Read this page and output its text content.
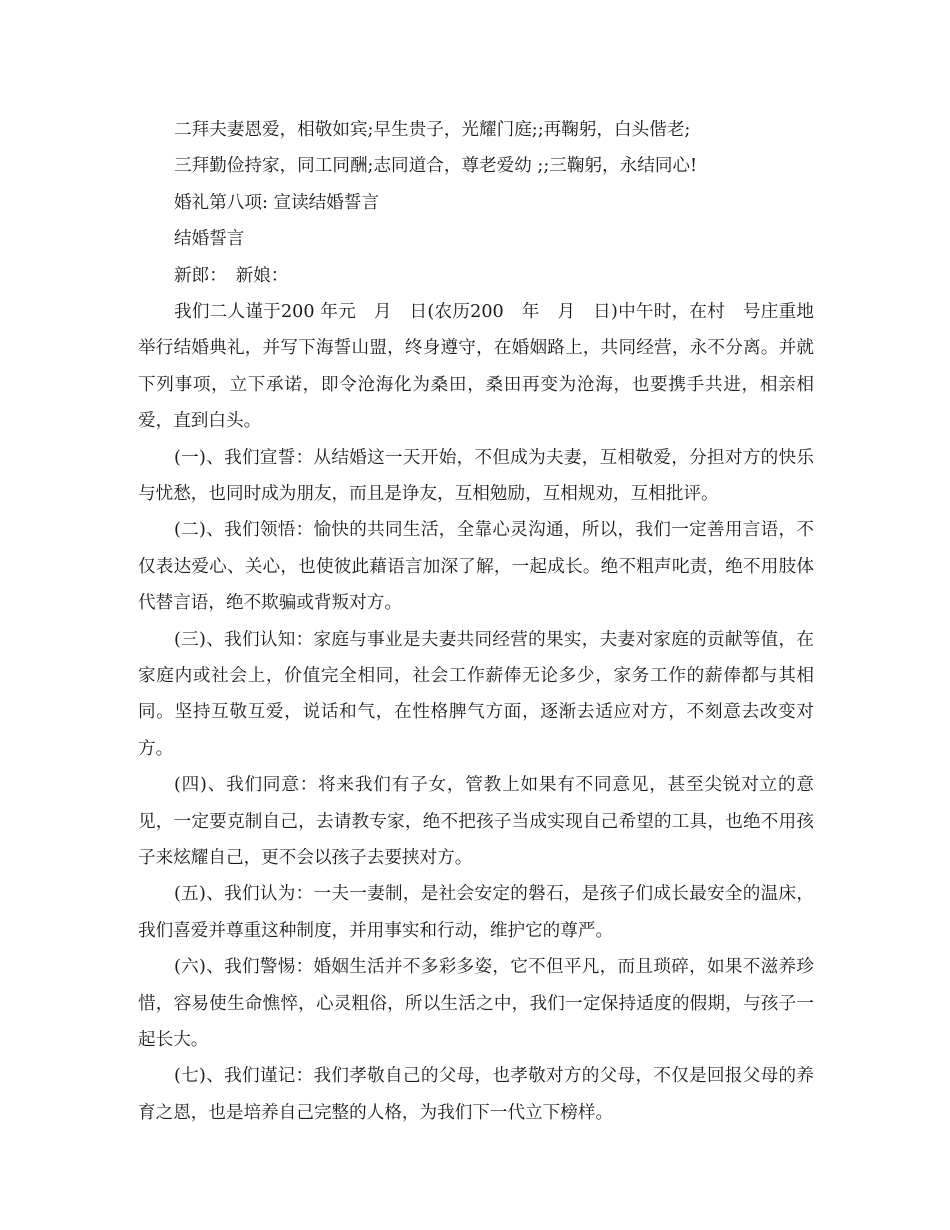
二拜夫妻恩爱，相敬如宾;早生贵子，光耀门庭;;再鞠躬，白头偕老;
三拜勤俭持家，同工同酬;志同道合，尊老爱幼 ;;三鞠躬，永结同心!
婚礼第八项: 宣读结婚誓言
结婚誓言
新郎：　新娘：

我们二人谨于200 年元　月　日(农历200　年　月　日)中午时，在村　号庄重地举行结婚典礼，并写下海誓山盟，终身遵守，在婚姻路上，共同经营，永不分离。并就下列事项，立下承诺，即令沧海化为桑田，桑田再变为沧海，也要携手共进，相亲相爱，直到白头。

(一)、我们宣誓：从结婚这一天开始，不但成为夫妻，互相敬爱，分担对方的快乐与忧愁，也同时成为朋友，而且是诤友，互相勉励，互相规劝，互相批评。

(二)、我们领悟：愉快的共同生活，全靠心灵沟通，所以，我们一定善用言语，不仅表达爱心、关心，也使彼此藉语言加深了解，一起成长。绝不粗声叱责，绝不用肢体代替言语，绝不欺骗或背叛对方。

(三)、我们认知：家庭与事业是夫妻共同经营的果实，夫妻对家庭的贡献等值，在家庭内或社会上，价值完全相同，社会工作薪俸无论多少，家务工作的薪俸都与其相同。坚持互敬互爱，说话和气，在性格脾气方面，逐渐去适应对方，不刻意去改变对方。

(四)、我们同意：将来我们有子女，管教上如果有不同意见，甚至尖锐对立的意见，一定要克制自己，去请教专家，绝不把孩子当成实现自己希望的工具，也绝不用孩子来炫耀自己，更不会以孩子去要挟对方。

(五)、我们认为：一夫一妻制，是社会安定的磐石，是孩子们成长最安全的温床，我们喜爱并尊重这种制度，并用事实和行动，维护它的尊严。

(六)、我们警惕：婚姻生活并不多彩多姿，它不但平凡，而且琐碎，如果不滋养珍惜，容易使生命憔悴，心灵粗俗，所以生活之中，我们一定保持适度的假期，与孩子一起长大。

(七)、我们谨记：我们孝敬自己的父母，也孝敬对方的父母，不仅是回报父母的养育之恩，也是培养自己完整的人格，为我们下一代立下榜样。
